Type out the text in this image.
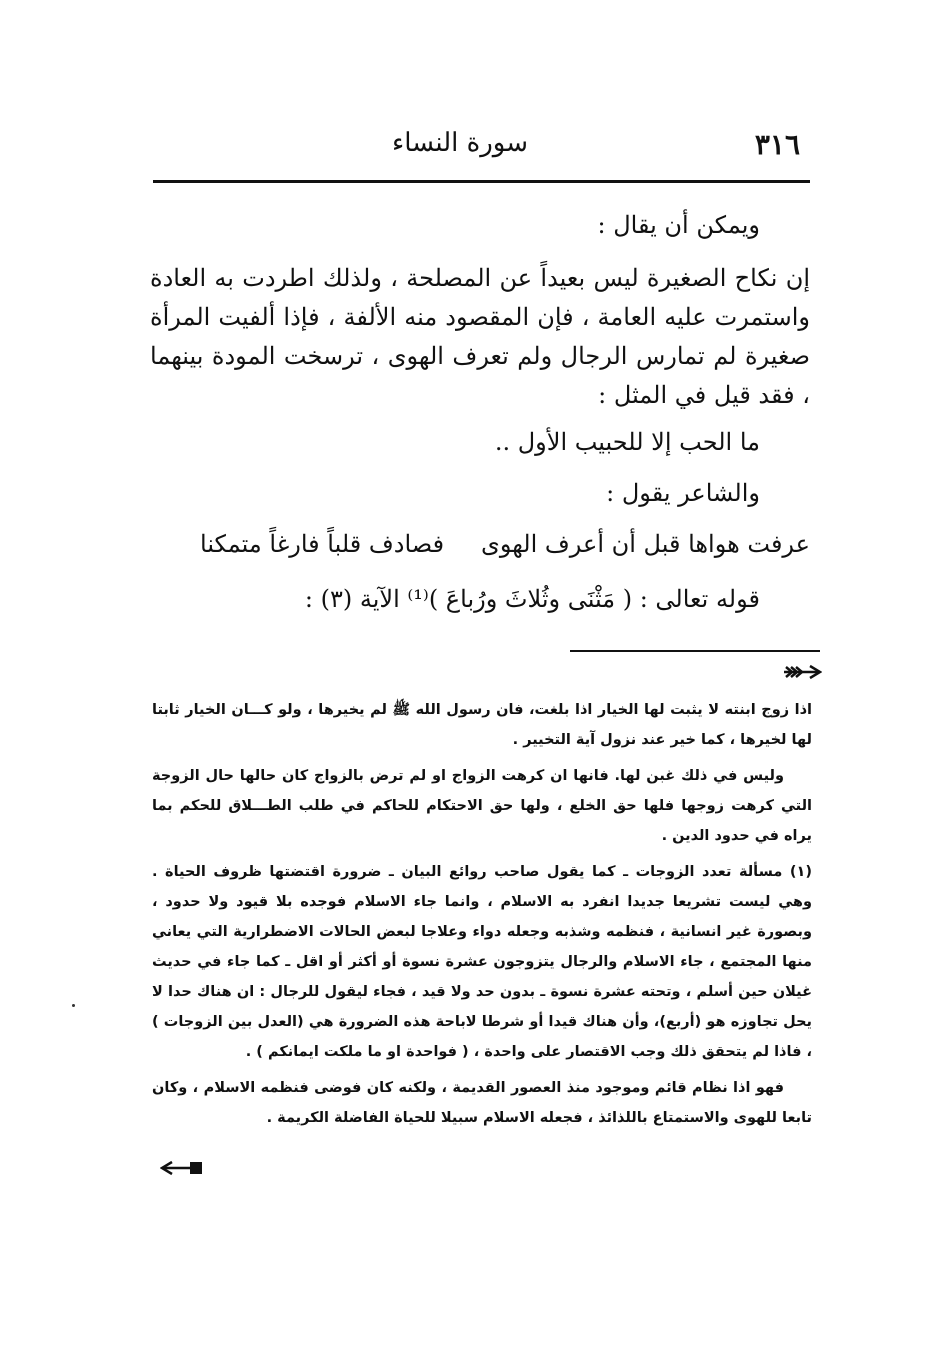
٣١٦
سورة النساء

ويمكن أن يقال :

إن نكاح الصغيرة ليس بعيداً عن المصلحة ، ولذلك اطردت به العادة واستمرت عليه العامة ، فإن المقصود منه الألفة ، فإذا ألفيت المرأة صغيرة لم تمارس الرجال ولم تعرف الهوى ، ترسخت المودة بينهما ، فقد قيل في المثل :

ما الحب إلا للحبيب الأول ..

والشاعر يقول :

عرفت هواها قبل أن أعرف الهوى
فصادف قلباً فارغاً متمكنا

قوله تعالى : ( مَثْنَى وثُلاثَ ورُباعَ )⁽¹⁾ الآية (٣) :

اذا زوج ابنته لا يثبت لها الخيار اذا بلغت، فان رسول الله ﷺ لم يخيرها ، ولو كـــان الخيار ثابتا لها لخيرها ، كما خير عند نزول آية التخيير .

وليس في ذلك غبن لها. فانها ان كرهت الزواج او لم ترض بالزواج كان حالها حال الزوجة التي كرهت زوجها فلها حق الخلع ، ولها حق الاحتكام للحاكم في طلب الطـــلاق للحكم بما يراه في حدود الدين .

(١) مسألة تعدد الزوجات ـ كما يقول صاحب روائع البيان ـ ضرورة اقتضتها ظروف الحياة . وهي ليست تشريعا جديدا انفرد به الاسلام ، وانما جاء الاسلام فوجده بلا قيود ولا حدود ، وبصورة غير انسانية ، فنظمه وشذبه وجعله دواء وعلاجا لبعض الحالات الاضطرارية التي يعاني منها المجتمع ، جاء الاسلام والرجال يتزوجون عشرة نسوة أو أكثر أو اقل ـ كما جاء في حديث غيلان حين أسلم ، وتحته عشرة نسوة ـ بدون حد ولا قيد ، فجاء ليقول للرجال : ان هناك حدا لا يحل تجاوزه هو (أربع)، وأن هناك قيدا أو شرطا لاباحة هذه الضرورة هي (العدل بين الزوجات ) ، فاذا لم يتحقق ذلك وجب الاقتصار على واحدة ، ( فواحدة او ما ملكت ايمانكم ) .

فهو اذا نظام قائم وموجود منذ العصور القديمة ، ولكنه كان فوضى فنظمه الاسلام ، وكان تابعا للهوى والاستمتاع باللذائذ ، فجعله الاسلام سبيلا للحياة الفاضلة الكريمة .
